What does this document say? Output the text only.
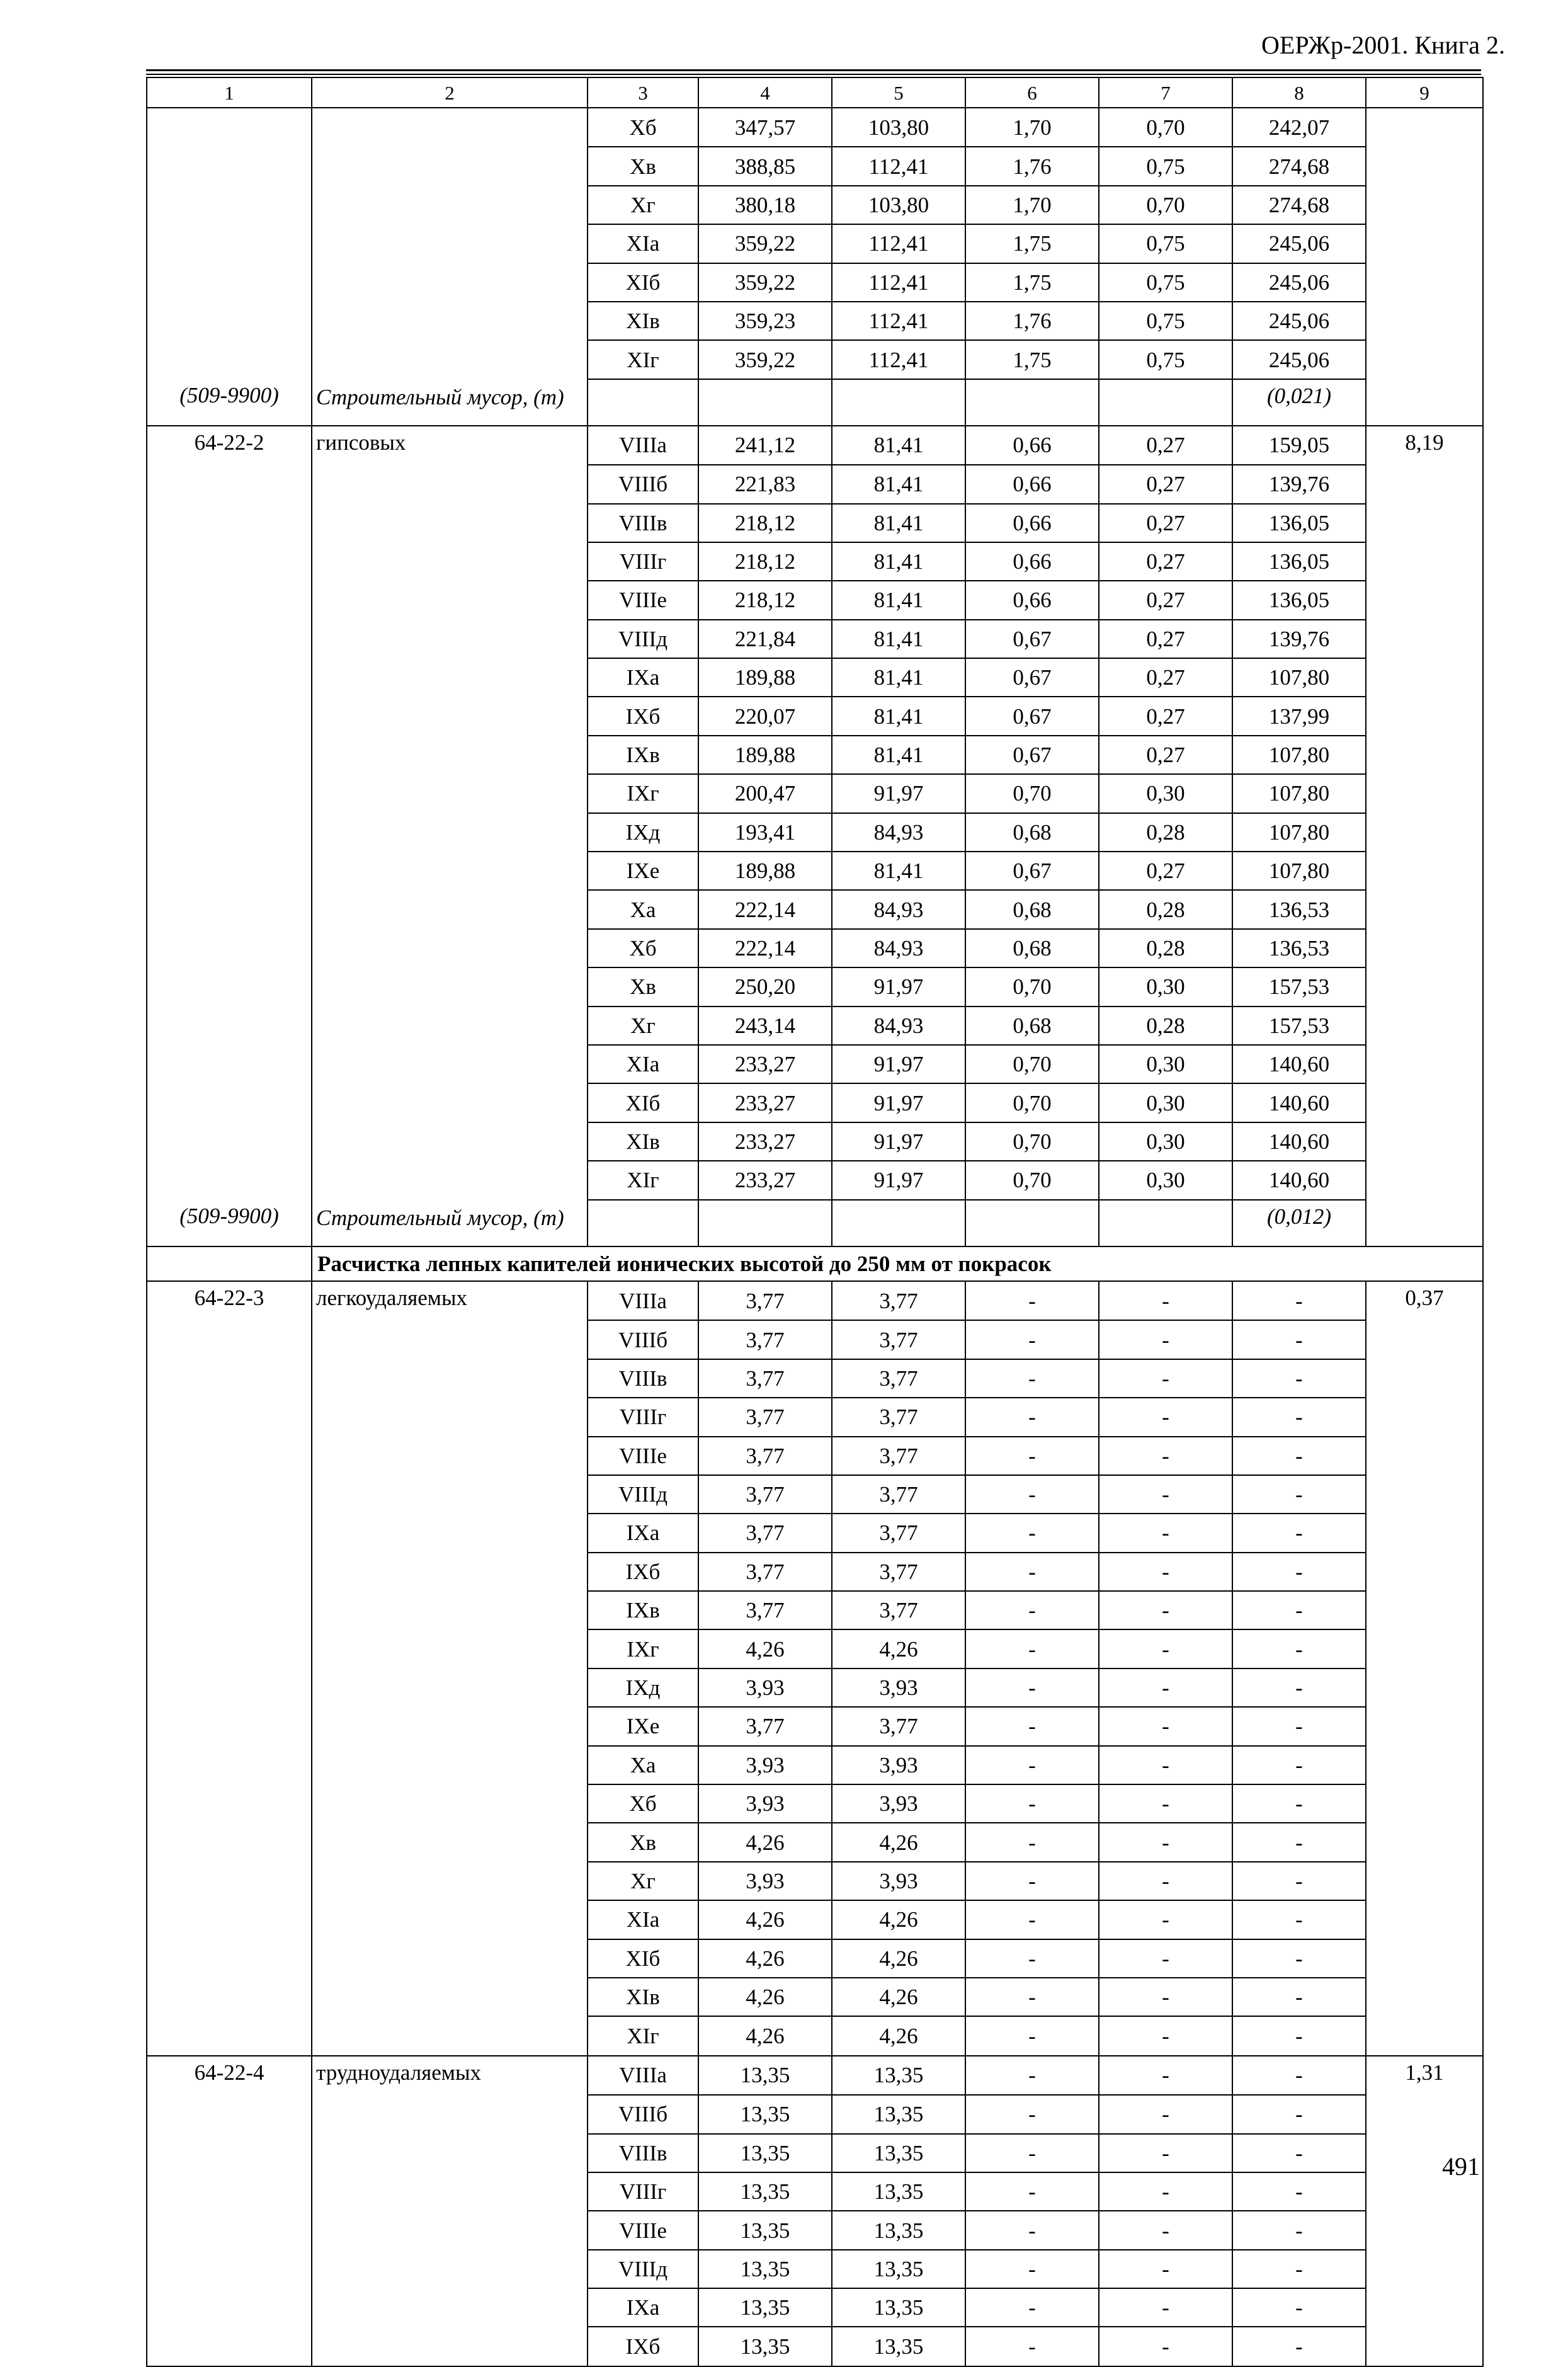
ОЕРЖр-2001. Книга 2.
1	2	3	4	5	6	7	8	9
		Xб	347,57	103,80	1,70	0,70	242,07	
		Xв	388,85	112,41	1,76	0,75	274,68	
		Xг	380,18	103,80	1,70	0,70	274,68	
		XIа	359,22	112,41	1,75	0,75	245,06	
		XIб	359,22	112,41	1,75	0,75	245,06	
		XIв	359,23	112,41	1,76	0,75	245,06	
		XIг	359,22	112,41	1,75	0,75	245,06	
(509-9900)	Строительный мусор, (т)						(0,021)	
64-22-2	гипсовых	VIIIа	241,12	81,41	0,66	0,27	159,05	8,19
		VIIIб	221,83	81,41	0,66	0,27	139,76	
		VIIIв	218,12	81,41	0,66	0,27	136,05	
		VIIIг	218,12	81,41	0,66	0,27	136,05	
		VIIIе	218,12	81,41	0,66	0,27	136,05	
		VIIIд	221,84	81,41	0,67	0,27	139,76	
		IXа	189,88	81,41	0,67	0,27	107,80	
		IXб	220,07	81,41	0,67	0,27	137,99	
		IXв	189,88	81,41	0,67	0,27	107,80	
		IXг	200,47	91,97	0,70	0,30	107,80	
		IXд	193,41	84,93	0,68	0,28	107,80	
		IXе	189,88	81,41	0,67	0,27	107,80	
		Xа	222,14	84,93	0,68	0,28	136,53	
		Xб	222,14	84,93	0,68	0,28	136,53	
		Xв	250,20	91,97	0,70	0,30	157,53	
		Xг	243,14	84,93	0,68	0,28	157,53	
		XIа	233,27	91,97	0,70	0,30	140,60	
		XIб	233,27	91,97	0,70	0,30	140,60	
		XIв	233,27	91,97	0,70	0,30	140,60	
		XIг	233,27	91,97	0,70	0,30	140,60	
(509-9900)	Строительный мусор, (т)						(0,012)	
	Расчистка лепных капителей ионических высотой до 250 мм от покрасок							
64-22-3	легкоудаляемых	VIIIа	3,77	3,77	-	-	-	0,37
		VIIIб	3,77	3,77	-	-	-	
		VIIIв	3,77	3,77	-	-	-	
		VIIIг	3,77	3,77	-	-	-	
		VIIIе	3,77	3,77	-	-	-	
		VIIIд	3,77	3,77	-	-	-	
		IXа	3,77	3,77	-	-	-	
		IXб	3,77	3,77	-	-	-	
		IXв	3,77	3,77	-	-	-	
		IXг	4,26	4,26	-	-	-	
		IXд	3,93	3,93	-	-	-	
		IXе	3,77	3,77	-	-	-	
		Xа	3,93	3,93	-	-	-	
		Xб	3,93	3,93	-	-	-	
		Xв	4,26	4,26	-	-	-	
		Xг	3,93	3,93	-	-	-	
		XIа	4,26	4,26	-	-	-	
		XIб	4,26	4,26	-	-	-	
		XIв	4,26	4,26	-	-	-	
		XIг	4,26	4,26	-	-	-	
64-22-4	трудноудаляемых	VIIIа	13,35	13,35	-	-	-	1,31
		VIIIб	13,35	13,35	-	-	-	
		VIIIв	13,35	13,35	-	-	-	
		VIIIг	13,35	13,35	-	-	-	
		VIIIе	13,35	13,35	-	-	-	
		VIIIд	13,35	13,35	-	-	-	
		IXа	13,35	13,35	-	-	-	
		IXб	13,35	13,35	-	-	-	
491
